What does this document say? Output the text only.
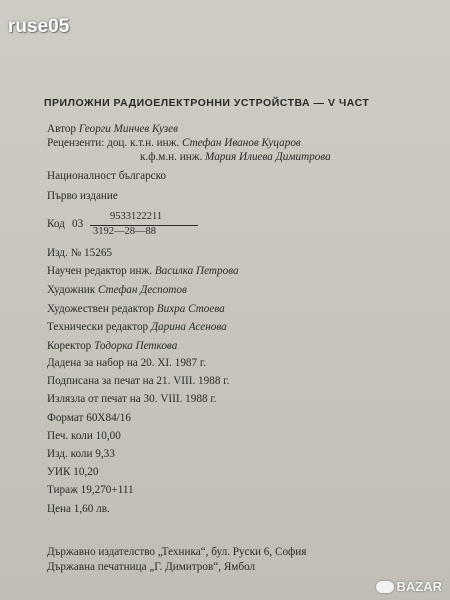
ruse05
ПРИЛОЖНИ РАДИОЕЛЕКТРОННИ УСТРОЙСТВА — V ЧАСТ
Автор Георги Минчев Кузев
Рецензенти: доц. к.т.н. инж. Стефан Иванов Куцаров
к.ф.м.н. инж. Мария Илиева Димитрова
Националност българско
Първо издание
Код 03
9533122211
3192—28—88
Изд. № 15265
Научен редактор инж. Василка Петрова
Художник Стефан Деспотов
Художествен редактор Вихра Стоева
Технически редактор Дарина Асенова
Коректор Тодорка Петкова
Дадена за набор на 20. XI. 1987 г.
Подписана за печат на 21. VIII. 1988 г.
Излязла от печат на 30. VIII. 1988 г.
Формат 60Х84/16
Печ. коли 10,00
Изд. коли 9,33
УИК 10,20
Тираж 19,270+111
Цена 1,60 лв.
Държавно издателство „Техника“, бул. Руски 6, София
Държавна печатница „Г. Димитров“, Ямбол
BAZAR
